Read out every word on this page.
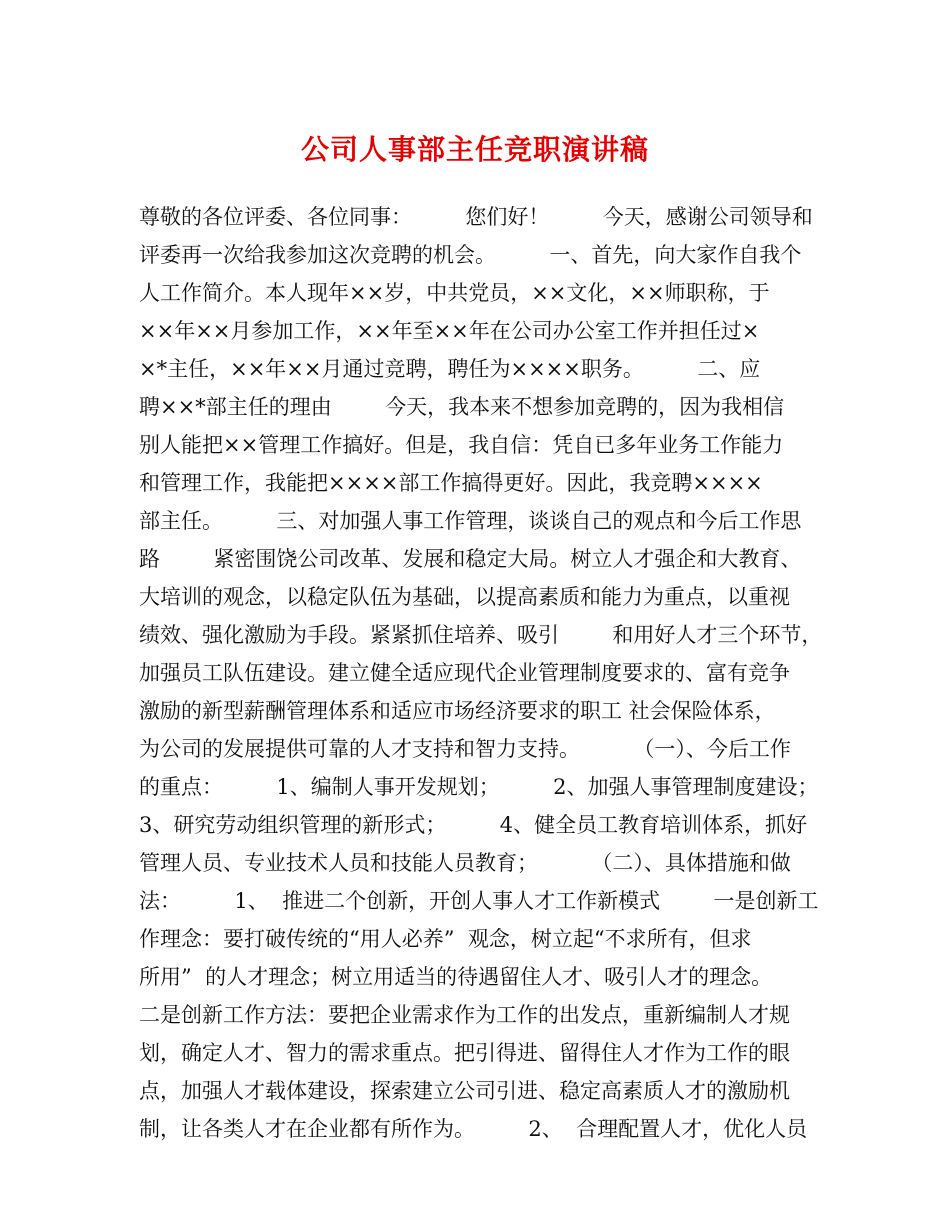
公司人事部主任竞职演讲稿
尊敬的各位评委、各位同事：        您们好！        今天，感谢公司领导和
评委再一次给我参加这次竞聘的机会。        一、首先，向大家作自我个
人工作简介。本人现年××岁，中共党员，××文化，××师职称，于
××年××月参加工作，××年至××年在公司办公室工作并担任过×
×*主任，××年××月通过竞聘，聘任为××××职务。        二、应
聘××*部主任的理由        今天，我本来不想参加竞聘的，因为我相信
别人能把××管理工作搞好。但是，我自信：凭自已多年业务工作能力
和管理工作，我能把××××部工作搞得更好。因此，我竞聘××××
部主任。        三、对加强人事工作管理，谈谈自己的观点和今后工作思
路        紧密围饶公司改革、发展和稳定大局。树立人才强企和大教育、
大培训的观念，以稳定队伍为基础，以提高素质和能力为重点，以重视
绩效、强化激励为手段。紧紧抓住培养、吸引        和用好人才三个环节，
加强员工队伍建设。建立健全适应现代企业管理制度要求的、富有竞争
激励的新型薪酬管理体系和适应市场经济要求的职工 社会保险体系，
为公司的发展提供可靠的人才支持和智力支持。        （一）、今后工作
的重点：        1、编制人事开发规划；        2、加强人事管理制度建设；
3、研究劳动组织管理的新形式；        4、健全员工教育培训体系，抓好
管理人员、专业技术人员和技能人员教育；        （二）、具体措施和做
法：        1、  推进二个创新，开创人事人才工作新模式        一是创新工
作理念：要打破传统的“用人必养”  观念，树立起“不求所有，但求
所用”  的人才理念；树立用适当的待遇留住人才、吸引人才的理念。
二是创新工作方法：要把企业需求作为工作的出发点，重新编制人才规
划，确定人才、智力的需求重点。把引得进、留得住人才作为工作的眼
点，加强人才载体建设，探索建立公司引进、稳定高素质人才的激励机
制，让各类人才在企业都有所作为。        2、  合理配置人才，优化人员
